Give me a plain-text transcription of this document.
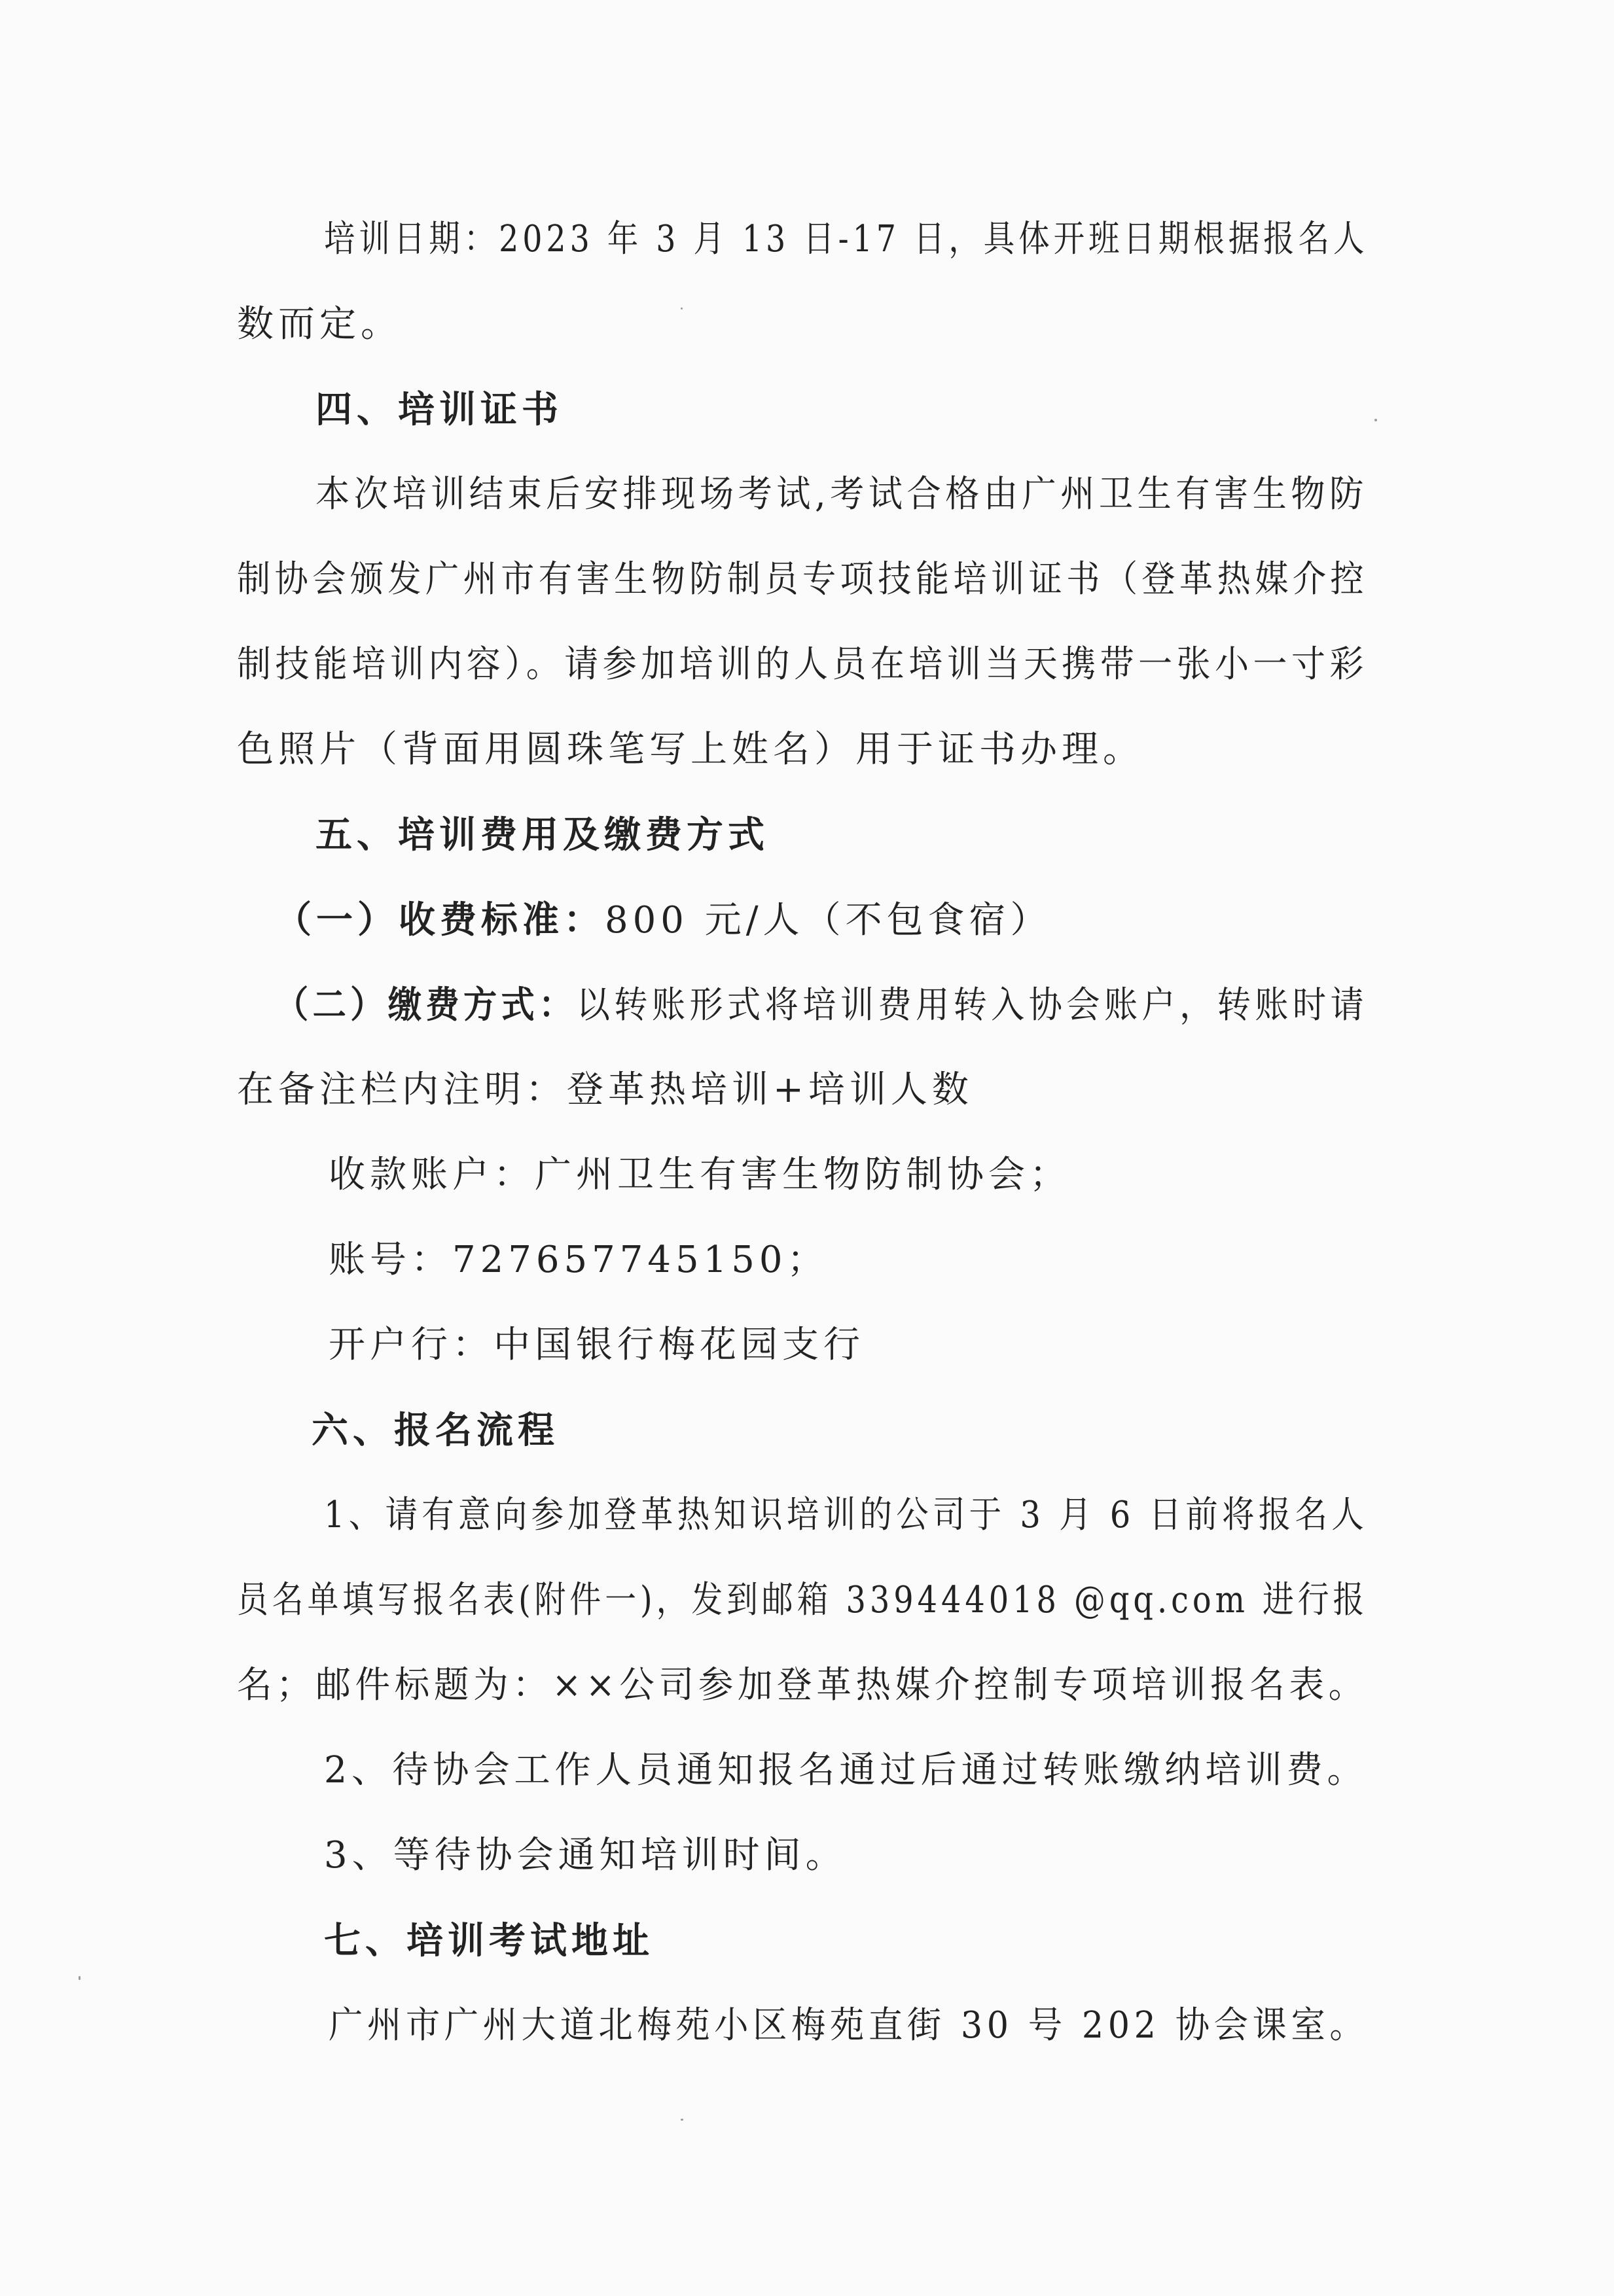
培训日期：2023 年 3 月 13 日-17 日，具体开班日期根据报名人
数而定。
四、培训证书
本次培训结束后安排现场考试,考试合格由广州卫生有害生物防
制协会颁发广州市有害生物防制员专项技能培训证书（登革热媒介控
制技能培训内容）。请参加培训的人员在培训当天携带一张小一寸彩
色照片（背面用圆珠笔写上姓名）用于证书办理。
五、培训费用及缴费方式
（一）收费标准：800 元/人（不包食宿）
（二）缴费方式：以转账形式将培训费用转入协会账户，转账时请
在备注栏内注明：登革热培训+培训人数
收款账户：广州卫生有害生物防制协会；
账号：727657745150；
开户行：中国银行梅花园支行
六、报名流程
1、请有意向参加登革热知识培训的公司于 3 月 6 日前将报名人
员名单填写报名表(附件一)，发到邮箱 339444018 @qq.com 进行报
名；邮件标题为：××公司参加登革热媒介控制专项培训报名表。
2、待协会工作人员通知报名通过后通过转账缴纳培训费。
3、等待协会通知培训时间。
七、培训考试地址
广州市广州大道北梅苑小区梅苑直街 30 号 202 协会课室。
